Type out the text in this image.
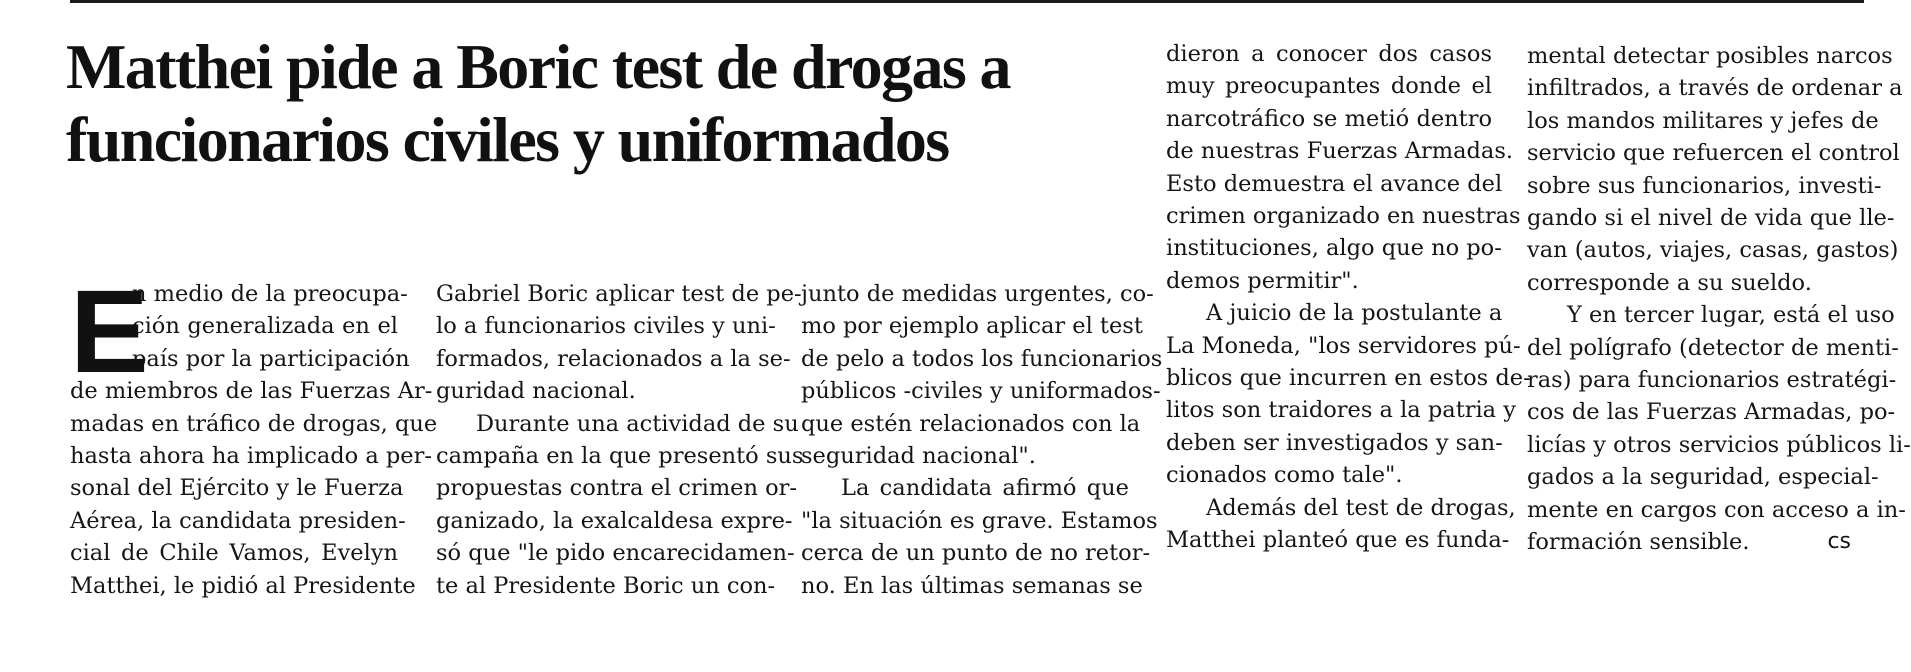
Matthei pide a Boric test de drogas a
funcionarios civiles y uniformados
E
n medio de la preocupa-
ción generalizada en el
país por la participación
de miembros de las Fuerzas Ar-
madas en tráfico de drogas, que
hasta ahora ha implicado a per-
sonal del Ejército y le Fuerza
Aérea, la candidata presiden-
cial de Chile Vamos, Evelyn
Matthei, le pidió al Presidente
Gabriel Boric aplicar test de pe-
lo a funcionarios civiles y uni-
formados, relacionados a la se-
guridad nacional.
Durante una actividad de su
campaña en la que presentó sus
propuestas contra el crimen or-
ganizado, la exalcaldesa expre-
só que "le pido encarecidamen-
te al Presidente Boric un con-
junto de medidas urgentes, co-
mo por ejemplo aplicar el test
de pelo a todos los funcionarios
públicos -civiles y uniformados-
que estén relacionados con la
seguridad nacional".
La candidata afirmó que
"la situación es grave. Estamos
cerca de un punto de no retor-
no. En las últimas semanas se
dieron a conocer dos casos
muy preocupantes donde el
narcotráfico se metió dentro
de nuestras Fuerzas Armadas.
Esto demuestra el avance del
crimen organizado en nuestras
instituciones, algo que no po-
demos permitir".
A juicio de la postulante a
La Moneda, "los servidores pú-
blicos que incurren en estos de-
litos son traidores a la patria y
deben ser investigados y san-
cionados como tale".
Además del test de drogas,
Matthei planteó que es funda-
mental detectar posibles narcos
infiltrados, a través de ordenar a
los mandos militares y jefes de
servicio que refuercen el control
sobre sus funcionarios, investi-
gando si el nivel de vida que lle-
van (autos, viajes, casas, gastos)
corresponde a su sueldo.
Y en tercer lugar, está el uso
del polígrafo (detector de menti-
ras) para funcionarios estratégi-
cos de las Fuerzas Armadas, po-
licías y otros servicios públicos li-
gados a la seguridad, especial-
mente en cargos con acceso a in-
formación sensible.	cs
